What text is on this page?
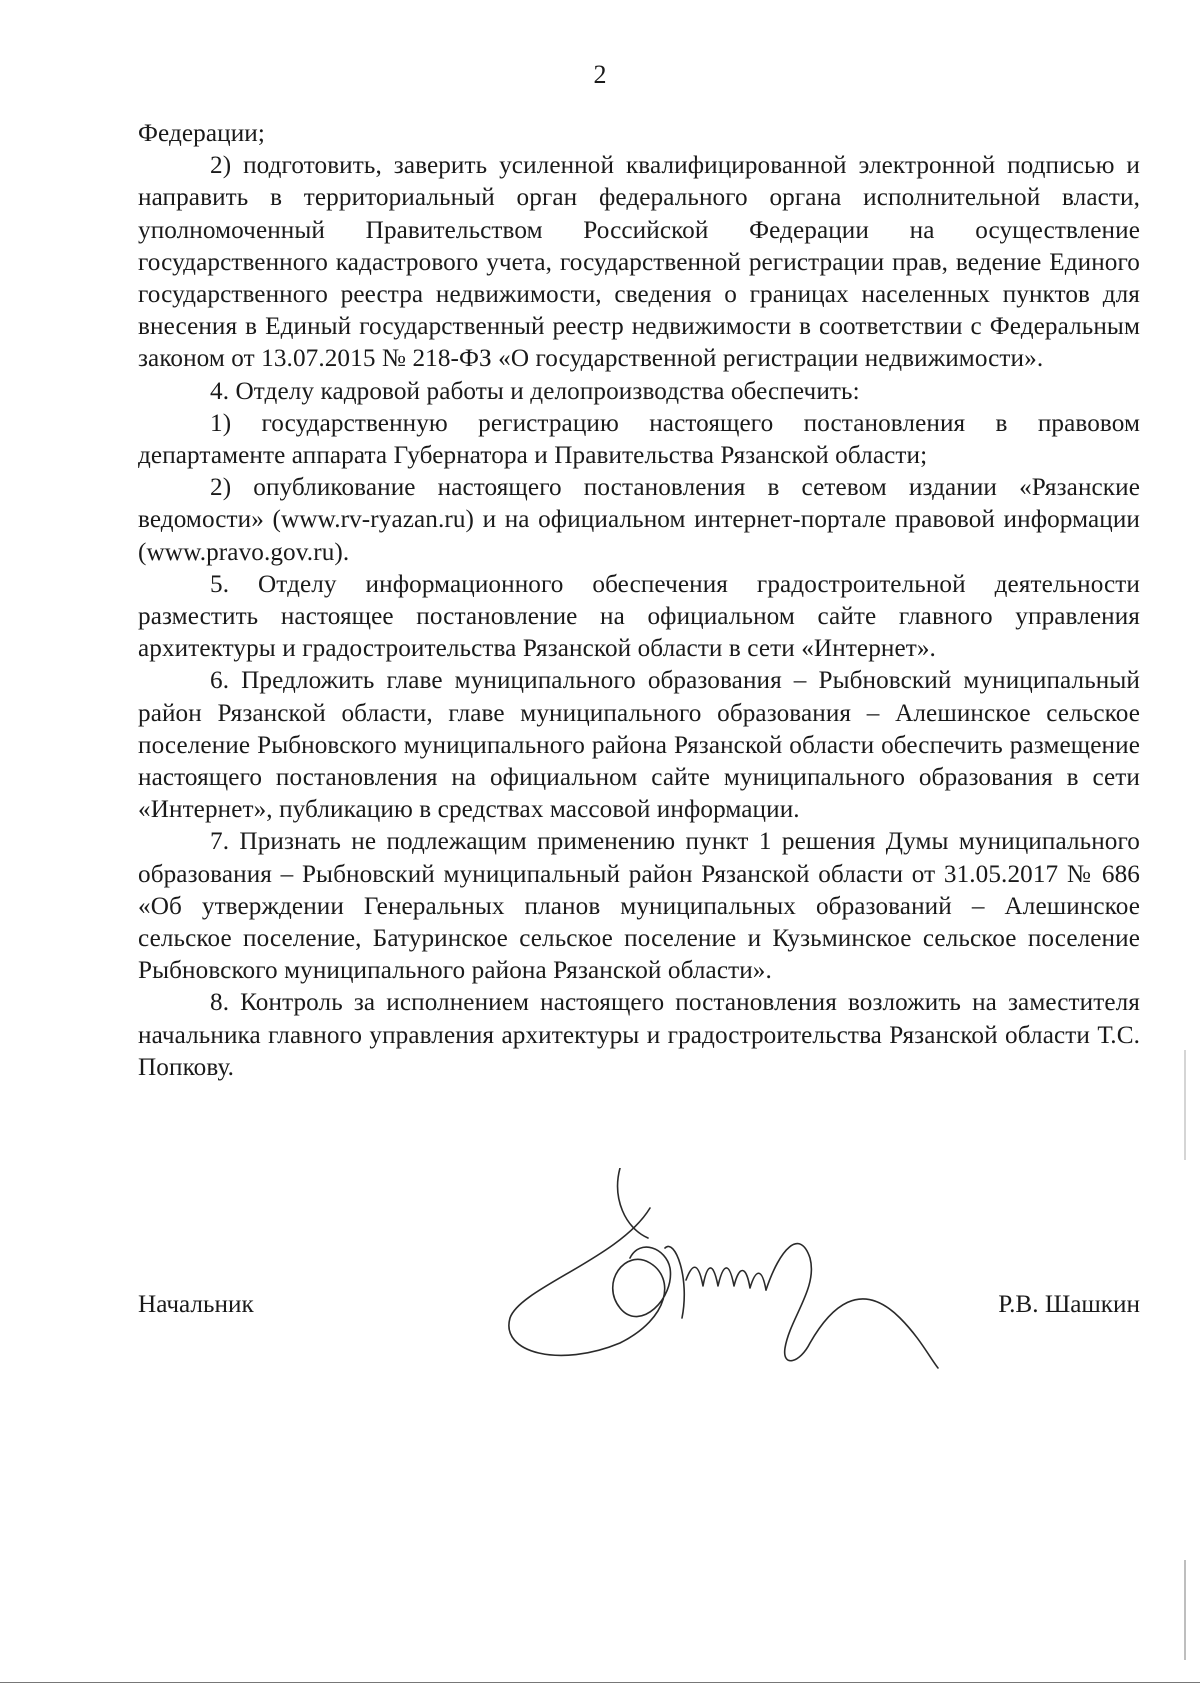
2

Федерации;

2) подготовить, заверить усиленной квалифицированной электронной подписью и направить в территориальный орган федерального органа исполнительной власти, уполномоченный Правительством Российской Федерации на осуществление государственного кадастрового учета, государственной регистрации прав, ведение Единого государственного реестра недвижимости, сведения о границах населенных пунктов для внесения в Единый государственный реестр недвижимости в соответствии с Федеральным законом от 13.07.2015 № 218-ФЗ «О государственной регистрации недвижимости».

4. Отделу кадровой работы и делопроизводства обеспечить:

1) государственную регистрацию настоящего постановления в правовом департаменте аппарата Губернатора и Правительства Рязанской области;

2) опубликование настоящего постановления в сетевом издании «Рязанские ведомости» (www.rv-ryazan.ru) и на официальном интернет-портале правовой информации (www.pravo.gov.ru).

5. Отделу информационного обеспечения градостроительной деятельности разместить настоящее постановление на официальном сайте главного управления архитектуры и градостроительства Рязанской области в сети «Интернет».

6. Предложить главе муниципального образования – Рыбновский муниципальный район Рязанской области, главе муниципального образования – Алешинское сельское поселение Рыбновского муниципального района Рязанской области обеспечить размещение настоящего постановления на официальном сайте муниципального образования в сети «Интернет», публикацию в средствах массовой информации.

7. Признать не подлежащим применению пункт 1 решения Думы муниципального образования – Рыбновский муниципальный район Рязанской области от 31.05.2017 № 686 «Об утверждении Генеральных планов муниципальных образований – Алешинское сельское поселение, Батуринское сельское поселение и Кузьминское сельское поселение Рыбновского муниципального района Рязанской области».

8. Контроль за исполнением настоящего постановления возложить на заместителя начальника главного управления архитектуры и градостроительства Рязанской области Т.С. Попкову.

Начальник	Р.В. Шашкин
